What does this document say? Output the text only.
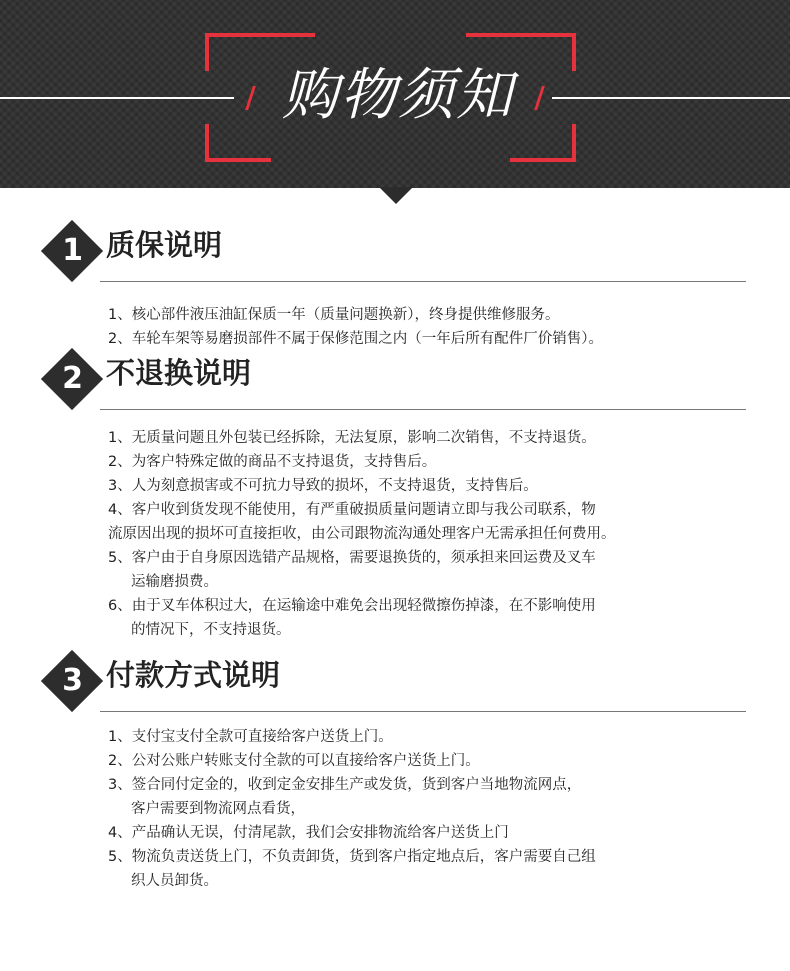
购物须知
1 质保说明
1、核心部件液压油缸保质一年（质量问题换新），终身提供维修服务。
2、车轮车架等易磨损部件不属于保修范围之内（一年后所有配件厂价销售）。
2 不退换说明
1、无质量问题且外包装已经拆除，无法复原，影响二次销售，不支持退货。
2、为客户特殊定做的商品不支持退货，支持售后。
3、人为刻意损害或不可抗力导致的损坏，不支持退货，支持售后。
4、客户收到货发现不能使用，有严重破损质量问题请立即与我公司联系，物
流原因出现的损坏可直接拒收，由公司跟物流沟通处理客户无需承担任何费用。
5、客户由于自身原因选错产品规格，需要退换货的，须承担来回运费及叉车
运输磨损费。
6、由于叉车体积过大，在运输途中难免会出现轻微擦伤掉漆，在不影响使用
的情况下，不支持退货。
3 付款方式说明
1、支付宝支付全款可直接给客户送货上门。
2、公对公账户转账支付全款的可以直接给客户送货上门。
3、签合同付定金的，收到定金安排生产或发货，货到客户当地物流网点，
客户需要到物流网点看货，
4、产品确认无误，付清尾款，我们会安排物流给客户送货上门
5、物流负责送货上门，不负责卸货，货到客户指定地点后，客户需要自己组
织人员卸货。
